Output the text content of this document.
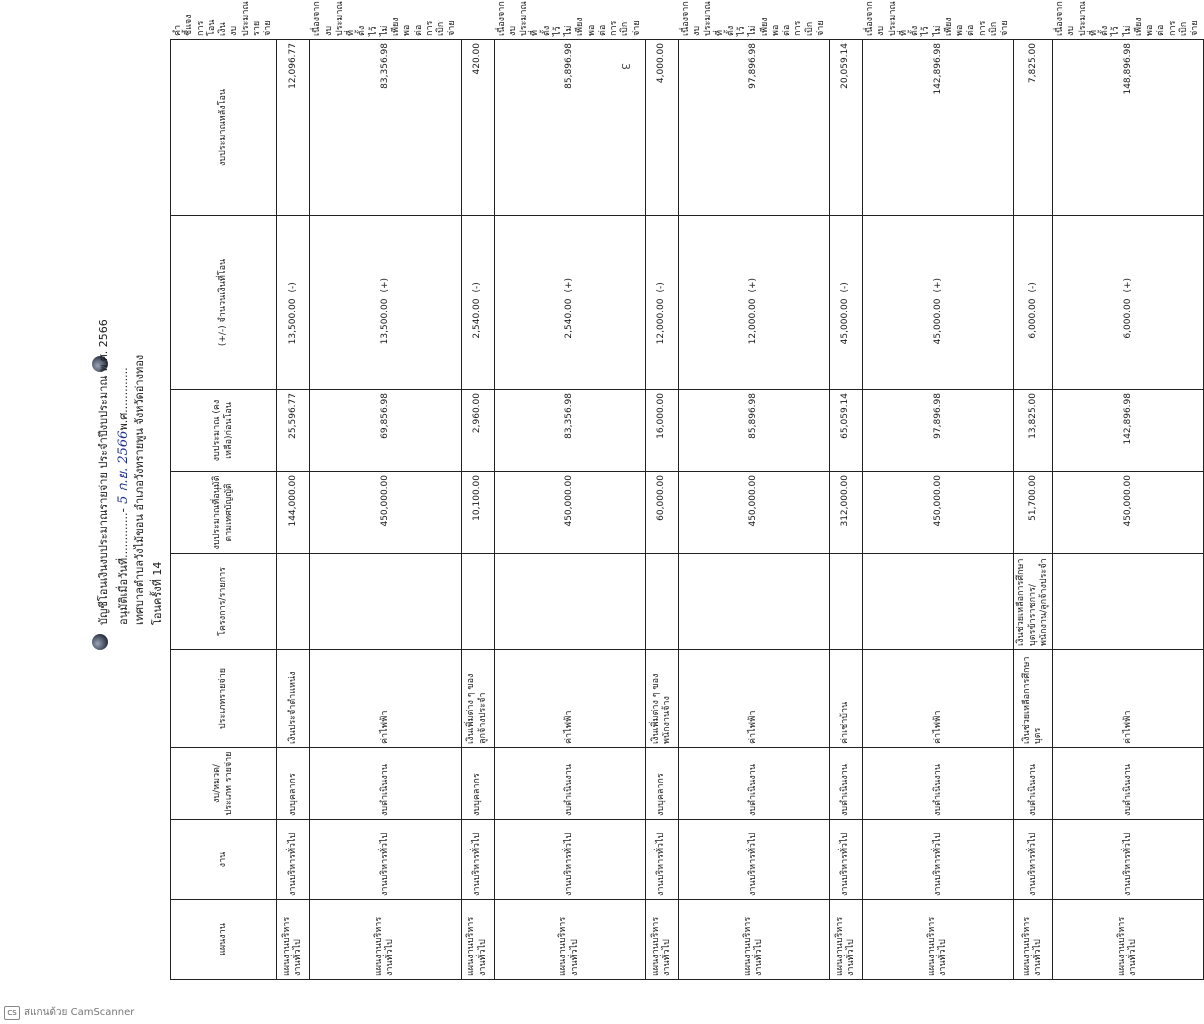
3
CS สแกนด้วย CamScanner
บัญชีโอนเงินงบประมาณรายจ่าย ประจำปีงบประมาณ พ.ศ. 2566 อนุมัติเมื่อวันที่.............- 5 ก.ย. 2566พ.ศ............. เทศบาลตำบลวังไม้ขอน อำเภอวังทรายพูน จังหวัดอ่างทอง โอนครั้งที่ 14
แผนงาน	งาน	งบ/หมวด/ประเภท รายจ่าย	ประเภทรายจ่าย	โครงการ/รายการ	งบประมาณที่อนุมัติตามเทศบัญญัติ	งบประมาณ (คงเหลือ)ก่อนโอน	(+/-) จำนวนเงินที่โอน		งบประมาณหลังโอน	คำชี้แจงการโอนเงินงบประมาณรายจ่าย
แผนงานบริหารงานทั่วไป	งานบริหารทั่วไป	งบบุคลากร	เงินประจำตำแหน่ง		144,000.00	25,596.77	13,500.00	(-)	12,096.77	
แผนงานบริหารงานทั่วไป	งานบริหารทั่วไป	งบดำเนินงาน	ค่าไฟฟ้า		450,000.00	69,856.98	13,500.00	(+)	83,356.98	เนื่องจากงบประมาณที่ตั้งไว้ไม่เพียงพอต่อการเบิกจ่าย
แผนงานบริหารงานทั่วไป	งานบริหารทั่วไป	งบบุคลากร	เงินเพิ่มต่าง ๆ ของลูกจ้างประจำ		10,100.00	2,960.00	2,540.00	(-)	420.00	
แผนงานบริหารงานทั่วไป	งานบริหารทั่วไป	งบดำเนินงาน	ค่าไฟฟ้า		450,000.00	83,356.98	2,540.00	(+)	85,896.98	เนื่องจากงบประมาณที่ตั้งไว้ไม่เพียงพอต่อการเบิกจ่าย
แผนงานบริหารงานทั่วไป	งานบริหารทั่วไป	งบบุคลากร	เงินเพิ่มต่าง ๆ ของพนักงานจ้าง		60,000.00	16,000.00	12,000.00	(-)	4,000.00	
แผนงานบริหารงานทั่วไป	งานบริหารทั่วไป	งบดำเนินงาน	ค่าไฟฟ้า		450,000.00	85,896.98	12,000.00	(+)	97,896.98	เนื่องจากงบประมาณที่ตั้งไว้ไม่เพียงพอต่อการเบิกจ่าย
แผนงานบริหารงานทั่วไป	งานบริหารทั่วไป	งบดำเนินงาน	ค่าเช่าบ้าน		312,000.00	65,059.14	45,000.00	(-)	20,059.14	
แผนงานบริหารงานทั่วไป	งานบริหารทั่วไป	งบดำเนินงาน	ค่าไฟฟ้า		450,000.00	97,896.98	45,000.00	(+)	142,896.98	เนื่องจากงบประมาณที่ตั้งไว้ไม่เพียงพอต่อการเบิกจ่าย
แผนงานบริหารงานทั่วไป	งานบริหารทั่วไป	งบดำเนินงาน	เงินช่วยเหลือการศึกษาบุตร	เงินช่วยเหลือการศึกษาบุตรข้าราชการ/พนักงาน/ลูกจ้างประจำ	51,700.00	13,825.00	6,000.00	(-)	7,825.00	
แผนงานบริหารงานทั่วไป	งานบริหารทั่วไป	งบดำเนินงาน	ค่าไฟฟ้า		450,000.00	142,896.98	6,000.00	(+)	148,896.98	เนื่องจากงบประมาณที่ตั้งไว้ไม่เพียงพอต่อการเบิกจ่าย
